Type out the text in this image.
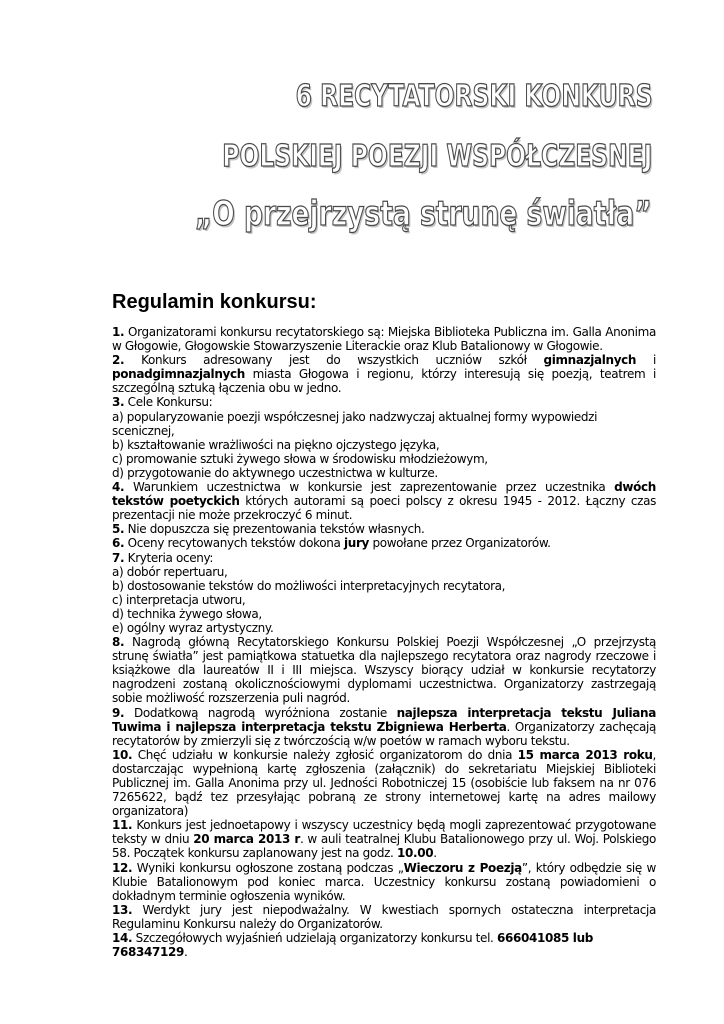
6 RECYTATORSKI KONKURS
POLSKIEJ POEZJI WSPÓŁCZESNEJ
„O przejrzystą strunę światła”
Regulamin konkursu:

1. Organizatorami konkursu recytatorskiego są: Miejska Biblioteka Publiczna im. Galla Anonima w Głogowie, Głogowskie Stowarzyszenie Literackie oraz Klub Batalionowy w Głogowie.

2. Konkurs adresowany jest do wszystkich uczniów szkół gimnazjalnych i ponadgimnazjalnych miasta Głogowa i regionu, którzy interesują się poezją, teatrem i szczególną sztuką łączenia obu w jedno.

3. Cele Konkursu:

a) popularyzowanie poezji współczesnej jako nadzwyczaj aktualnej formy wypowiedzi scenicznej,

b) kształtowanie wrażliwości na piękno ojczystego języka,

c) promowanie sztuki żywego słowa w środowisku młodzieżowym,

d) przygotowanie do aktywnego uczestnictwa w kulturze.

4. Warunkiem uczestnictwa w konkursie jest zaprezentowanie przez uczestnika dwóch tekstów poetyckich których autorami są poeci polscy z okresu 1945 - 2012. Łączny czas prezentacji nie może przekroczyć 6 minut.

5. Nie dopuszcza się prezentowania tekstów własnych.

6. Oceny recytowanych tekstów dokona jury powołane przez Organizatorów.

7. Kryteria oceny:

a) dobór repertuaru,

b) dostosowanie tekstów do możliwości interpretacyjnych recytatora,

c) interpretacja utworu,

d) technika żywego słowa,

e) ogólny wyraz artystyczny.

8. Nagrodą główną Recytatorskiego Konkursu Polskiej Poezji Współczesnej „O przejrzystą strunę światła” jest pamiątkowa statuetka dla najlepszego recytatora oraz nagrody rzeczowe i książkowe dla laureatów II i III miejsca. Wszyscy biorący udział w konkursie recytatorzy nagrodzeni zostaną okolicznościowymi dyplomami uczestnictwa. Organizatorzy zastrzegają sobie możliwość rozszerzenia puli nagród.

9. Dodatkową nagrodą wyróżniona zostanie najlepsza interpretacja tekstu Juliana Tuwima i najlepsza interpretacja tekstu Zbigniewa Herberta. Organizatorzy zachęcają recytatorów by zmierzyli się z twórczością w/w poetów w ramach wyboru tekstu.

10. Chęć udziału w konkursie należy zgłosić organizatorom do dnia 15 marca 2013 roku, dostarczając wypełnioną kartę zgłoszenia (załącznik) do sekretariatu Miejskiej Biblioteki Publicznej im. Galla Anonima przy ul. Jedności Robotniczej 15 (osobiście lub faksem na nr 076 7265622, bądź tez przesyłając pobraną ze strony internetowej kartę na adres mailowy organizatora)

11. Konkurs jest jednoetapowy i wszyscy uczestnicy będą mogli zaprezentować przygotowane teksty w dniu 20 marca 2013 r. w auli teatralnej Klubu Batalionowego przy ul. Woj. Polskiego 58. Początek konkursu zaplanowany jest na godz. 10.00.

12. Wyniki konkursu ogłoszone zostaną podczas „Wieczoru z Poezją”, który odbędzie się w Klubie Batalionowym pod koniec marca. Uczestnicy konkursu zostaną powiadomieni o dokładnym terminie ogłoszenia wyników.

13. Werdykt jury jest niepodważalny. W kwestiach spornych ostateczna interpretacja Regulaminu Konkursu należy do Organizatorów.

14. Szczegółowych wyjaśnień udzielają organizatorzy konkursu tel. 666041085 lub 768347129.
